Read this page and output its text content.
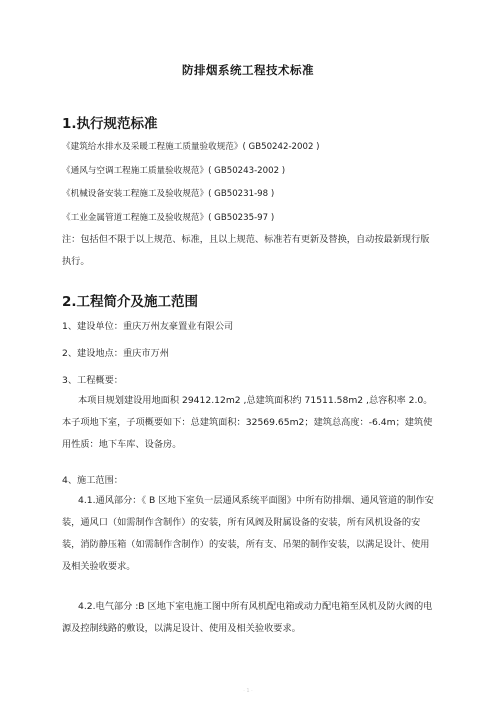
防排烟系统工程技术标准
1.执行规范标准
《建筑给水排水及采暖工程施工质量验收规范》( GB50242-2002 )
《通风与空调工程施工质量验收规范》( GB50243-2002 )
《机械设备安装工程施工及验收规范》( GB50231-98 )
《工业金属管道工程施工及验收规范》( GB50235-97 )
注：包括但不限于以上规范、标准，且以上规范、标准若有更新及替换，自动按最新现行版执行。
2.工程简介及施工范围
1、建设单位：重庆万州友豪置业有限公司
2、建设地点：重庆市万州
3、工程概要：
本项目规划建设用地面积 29412.12m2 ,总建筑面积约 71511.58m2 ,总容积率 2.0。本子项地下室，子项概要如下：总建筑面积：32569.65m2；建筑总高度：-6.4m；建筑使用性质：地下车库、设备房。
4、施工范围：
4.1.通风部分：《 B 区地下室负一层通风系统平面图》中所有防排烟、通风管道的制作安装，通风口（如需制作含制作）的安装，所有风阀及附属设备的安装，所有风机设备的安装，消防静压箱（如需制作含制作）的安装，所有支、吊架的制作安装，以满足设计、使用及相关验收要求。
4.2.电气部分 :B 区地下室电施工图中所有风机配电箱或动力配电箱至风机及防火阀的电源及控制线路的敷设，以满足设计、使用及相关验收要求。
· 1 ·
